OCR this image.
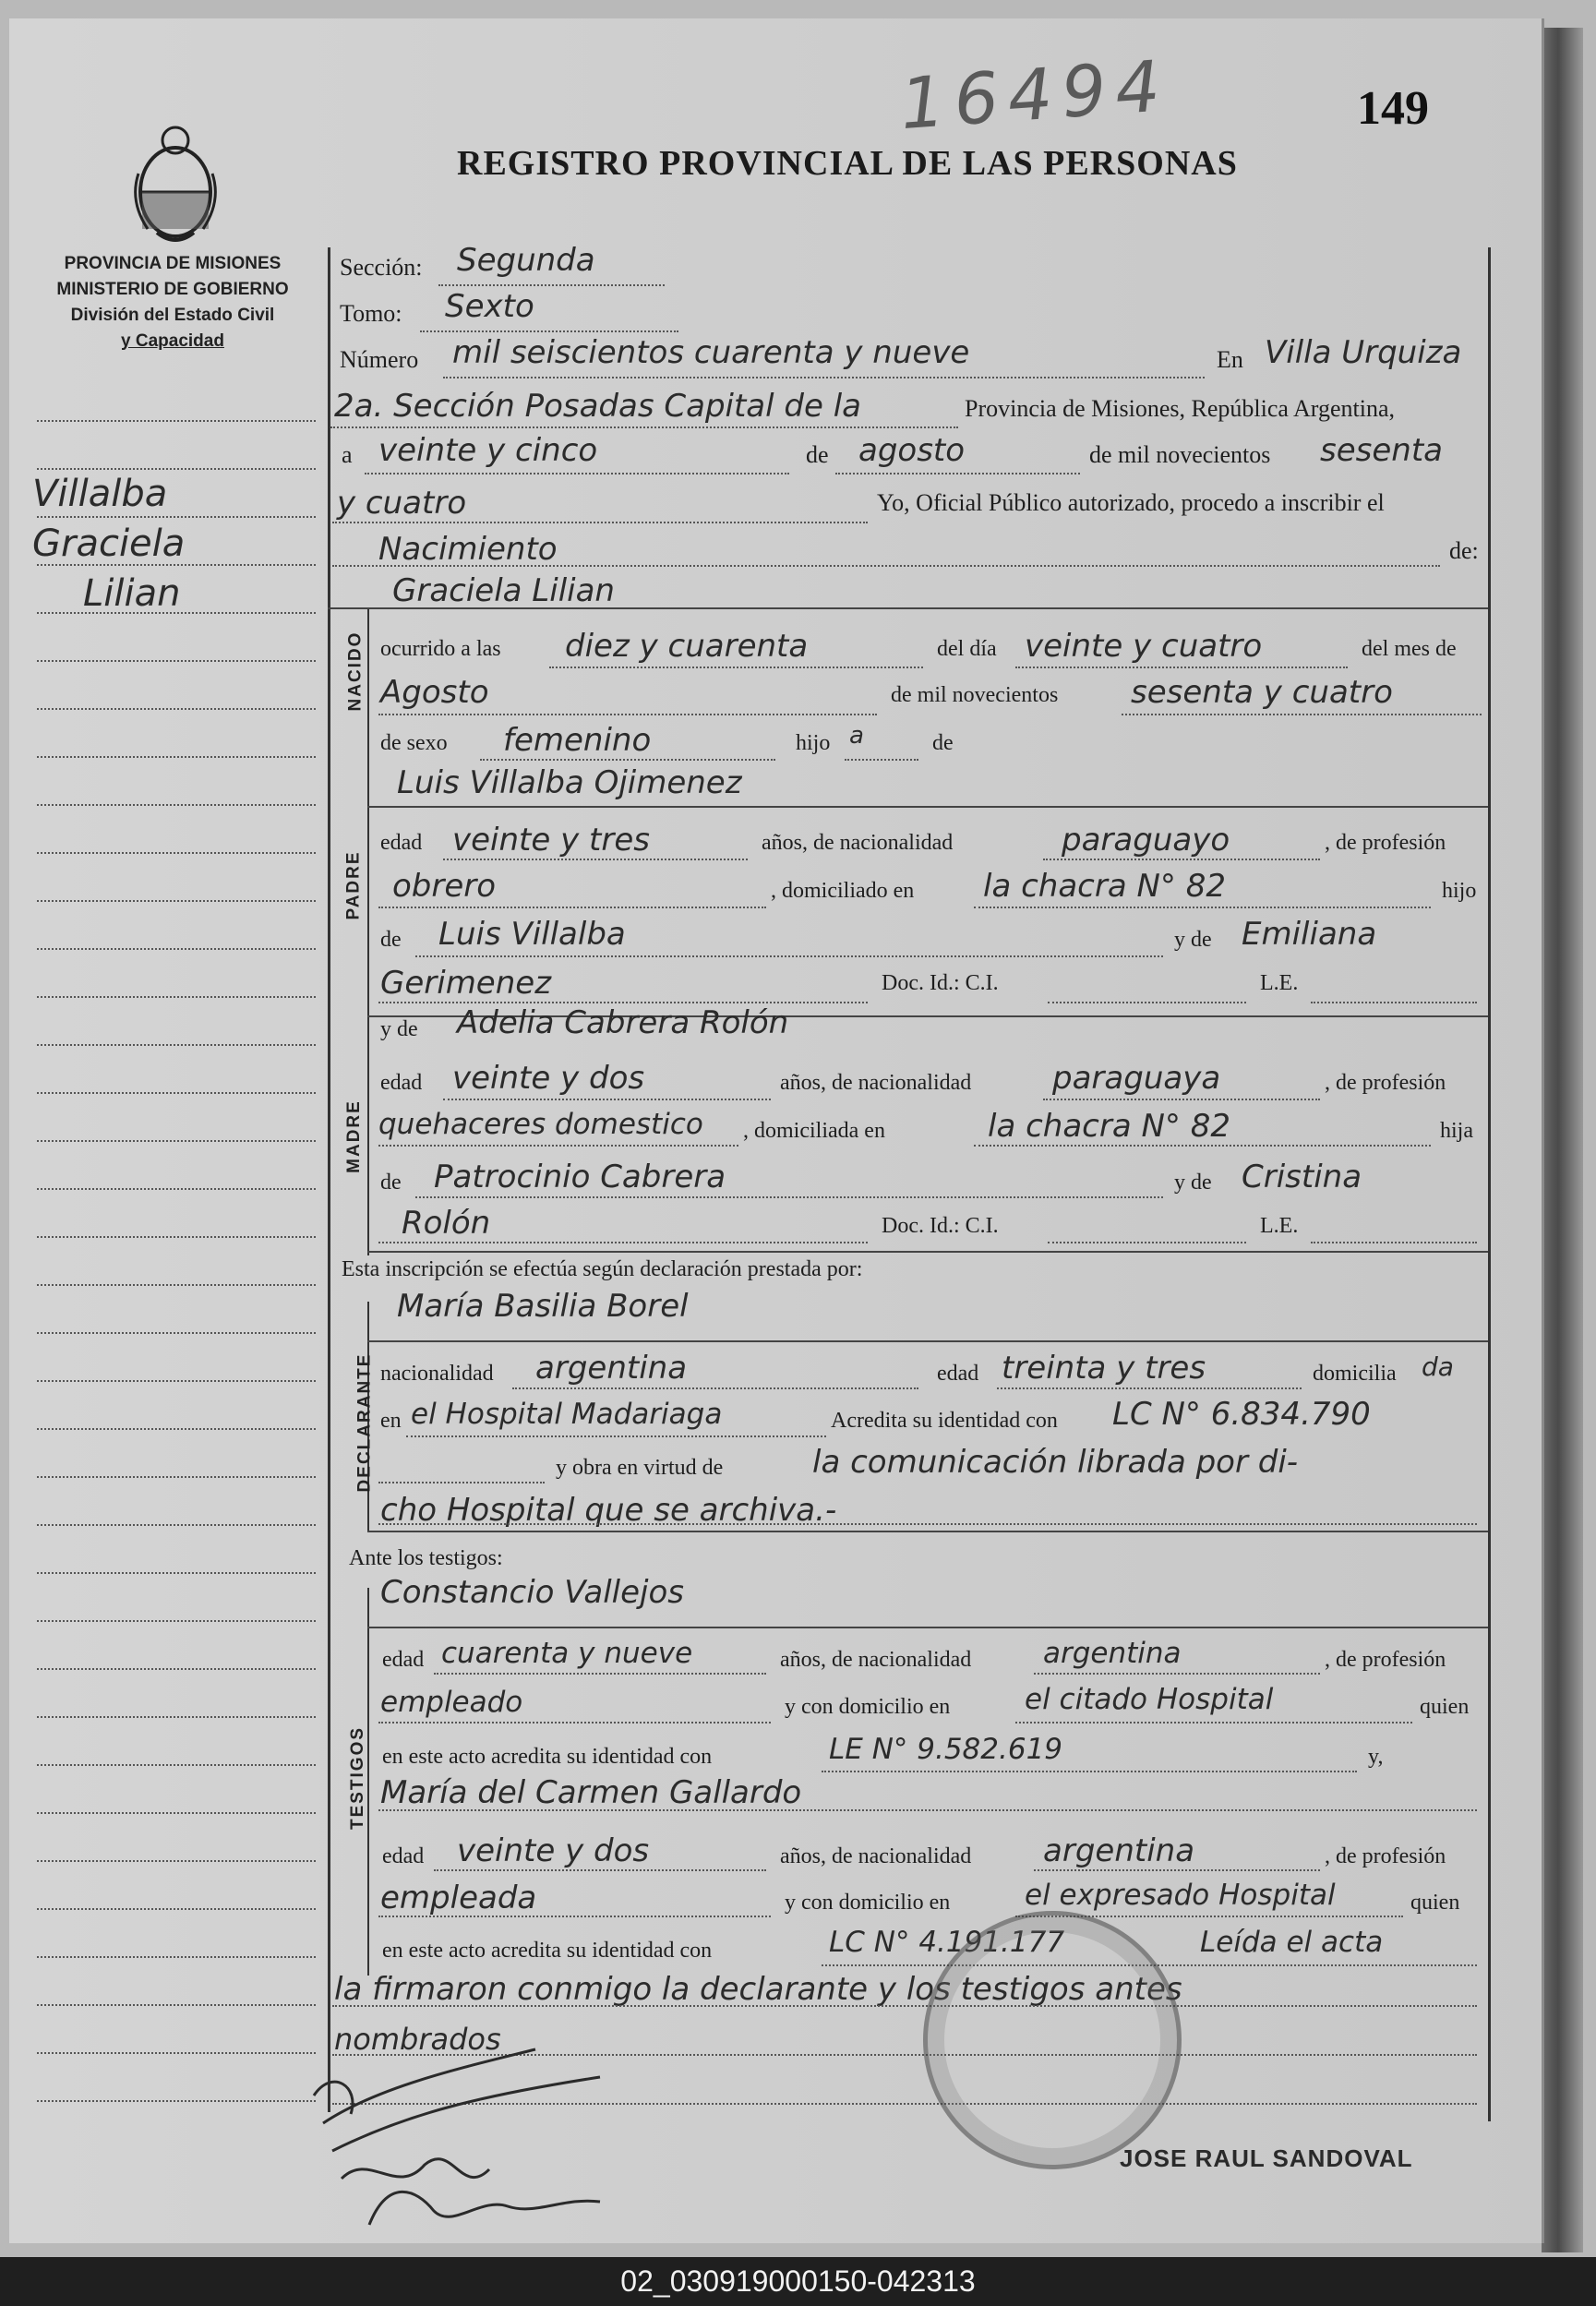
16494	149
REGISTRO PROVINCIAL DE LAS PERSONAS
PROVINCIA DE MISIONES
MINISTERIO DE GOBIERNO
División del Estado Civil
y Capacidad
Villalba
Graciela
Lilian
NACIDO
PADRE
MADRE
DECLARANTE
TESTIGOS
Sección: Segunda
Tomo: Sexto
Número mil seiscientos cuarenta y nueve	En Villa Urquiza
2a. Sección Posadas Capital de la	Provincia de Misiones, República Argentina,
a veinte y cinco	de agosto	de mil novecientos sesenta
y cuatro	Yo, Oficial Público autorizado, procedo a inscribir el
Nacimiento	de:
Graciela Lilian
ocurrido a las diez y cuarenta	del día veinte y cuatro	del mes de
Agosto	de mil novecientos sesenta y cuatro
de sexo femenino	hijo a	de
Luis Villalba Ojimenez
edad veinte y tres	años, de nacionalidad	paraguayo	, de profesión
obrero	, domiciliado en la chacra N° 82	hijo
de Luis Villalba	y de Emiliana
Gerimenez	Doc. Id.: C.I.	L.E.
y de Adelia Cabrera Rolón
edad veinte y dos	años, de nacionalidad	paraguaya	, de profesión
quehaceres domestico , domiciliada en	la chacra N° 82	hija
de Patrocinio Cabrera	y de Cristina
Rolón	Doc. Id.: C.I.	L.E.
Esta inscripción se efectúa según declaración prestada por:
María Basilia Borel
nacionalidad argentina	edad treinta y tres	domicilia da
en el Hospital Madariaga	Acredita su identidad con LC N° 6.834.790
y obra en virtud de	la comunicación librada por di-
cho Hospital que se archiva.-
Ante los testigos:
Constancio Vallejos
edad cuarenta y nueve	años, de nacionalidad	argentina	, de profesión
empleado	y con domicilio en	el citado Hospital	quien
en este acto acredita su identidad con	LE N° 9.582.619	y,
María del Carmen Gallardo
edad veinte y dos	años, de nacionalidad argentina	, de profesión
empleada	y con domicilio en	el expresado Hospital	quien
en este acto acredita su identidad con	LC N° 4.191.177	Leída el acta
la firmaron conmigo la declarante y los testigos antes
nombrados
JOSE RAUL SANDOVAL
02_030919000150-042313
